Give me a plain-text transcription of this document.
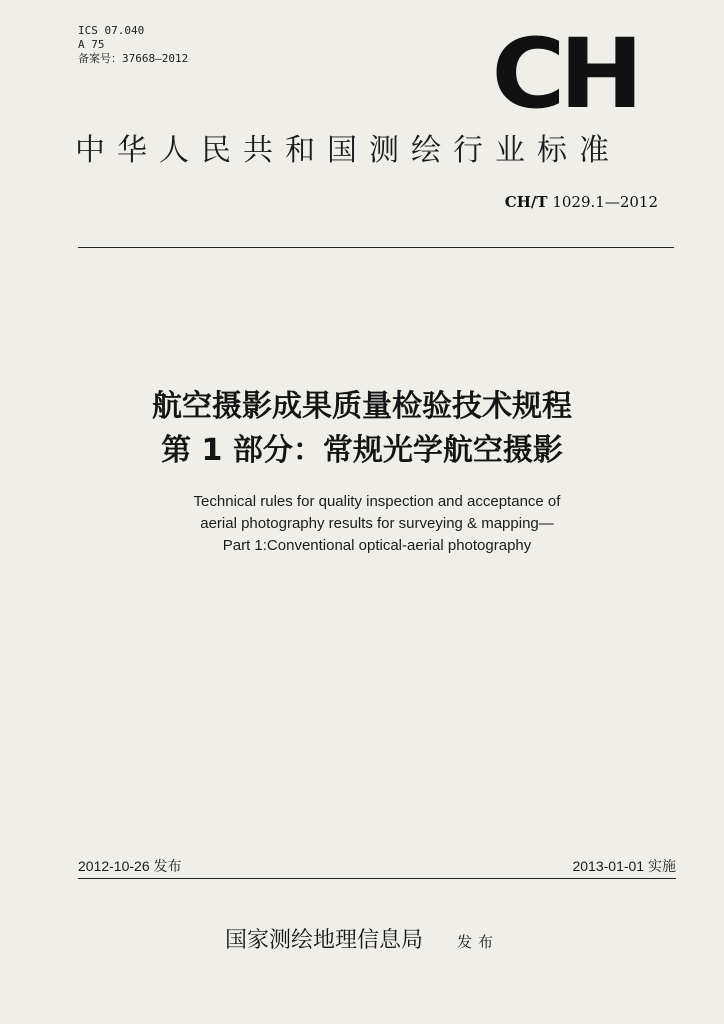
ICS 07.040
A 75
备案号：37668—2012	CH
中华人民共和国测绘行业标准
CH/T 1029.1—2012
航空摄影成果质量检验技术规程
第 1 部分：常规光学航空摄影
Technical rules for quality inspection and acceptance of
aerial photography results for surveying & mapping—
Part 1:Conventional optical-aerial photography
2012-10-26 发布	2013-01-01 实施
国家测绘地理信息局 发布
